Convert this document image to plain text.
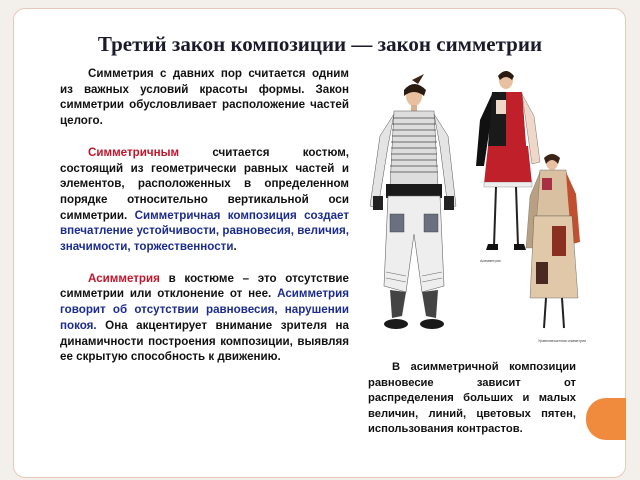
Третий закон композиции — закон симметрии

Симметрия с давних пор считается одним из важных условий красоты формы. Закон симметрии обусловливает расположение частей целого.

Симметричным считается костюм, состоящий из геометрически равных частей и элементов, расположенных в определенном порядке относительно вертикальной оси симметрии. Симметричная композиция создает впечатление устойчивости, равновесия, величия, значимости, торжественности.

Асимметрия в костюме – это отсутствие симметрии или отклонение от нее. Асимметрия говорит об отсутствии равновесия, нарушении покоя. Она акцентирует внимание зрителя на динамичности построения композиции, выявляя ее скрытую способность к движению.

Асимметрия
Уравновешенная симметрия
В асимметричной композиции равновесие зависит от распределения больших и малых величин, линий, цветовых пятен, использования контрастов.
